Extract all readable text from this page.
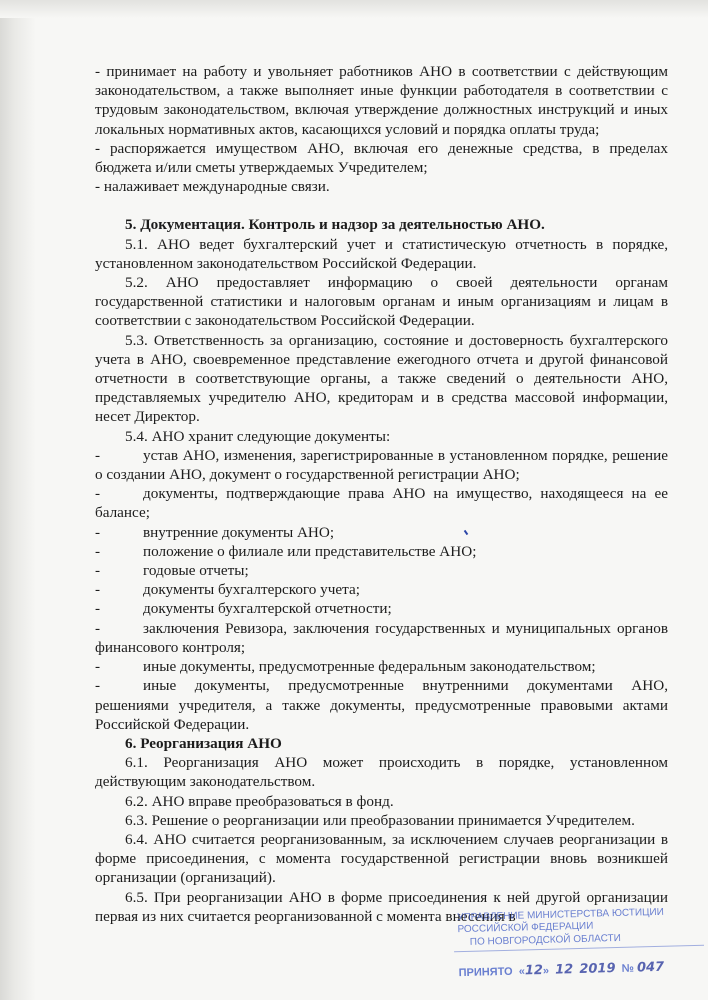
- принимает на работу и увольняет работников АНО в соответствии с действующим законодательством, а также выполняет иные функции работодателя в соответствии с трудовым законодательством, включая утверждение должностных инструкций и иных локальных нормативных актов, касающихся условий и порядка оплаты труда;

- распоряжается имуществом АНО, включая его денежные средства, в пределах бюджета и/или сметы утверждаемых Учредителем;

- налаживает международные связи.

5. Документация. Контроль и надзор за деятельностью АНО.

5.1. АНО ведет бухгалтерский учет и статистическую отчетность в порядке, установленном законодательством Российской Федерации.

5.2. АНО предоставляет информацию о своей деятельности органам государственной статистики и налоговым органам и иным организациям и лицам в соответствии с законодательством Российской Федерации.

5.3. Ответственность за организацию, состояние и достоверность бухгалтерского учета в АНО, своевременное представление ежегодного отчета и другой финансовой отчетности в соответствующие органы, а также сведений о деятельности АНО, представляемых учредителю АНО, кредиторам и в средства массовой информации, несет Директор.

5.4. АНО хранит следующие документы:

-	устав АНО, изменения, зарегистрированные в установленном порядке, решение о создании АНО, документ о государственной регистрации АНО;

-	документы, подтверждающие права АНО на имущество, находящееся на ее балансе;

-	внутренние документы АНО;

-	положение о филиале или представительстве АНО;

-	годовые отчеты;

-	документы бухгалтерского учета;

-	документы бухгалтерской отчетности;

-	заключения Ревизора, заключения государственных и муниципальных органов финансового контроля;

-	иные документы, предусмотренные федеральным законодательством;

-	иные документы, предусмотренные внутренними документами АНО, решениями учредителя, а также документы, предусмотренные правовыми актами Российской Федерации.

6. Реорганизация АНО

6.1. Реорганизация АНО может происходить в порядке, установленном действующим законодательством.

6.2. АНО вправе преобразоваться в фонд.

6.3. Решение о реорганизации или преобразовании принимается Учредителем.

6.4. АНО считается реорганизованным, за исключением случаев реорганизации в форме присоединения, с момента государственной регистрации вновь возникшей организации (организаций).

6.5. При реорганизации АНО в форме присоединения к ней другой организации первая из них считается реорганизованной с момента внесения в

УПРАВЛЕНИЕ МИНИСТЕРСТВА ЮСТИЦИИ
РОССИЙСКОЙ ФЕДЕРАЦИИ
ПО НОВГОРОДСКОЙ ОБЛАСТИ
ПРИНЯТО  «12»  12 2019 № 047
